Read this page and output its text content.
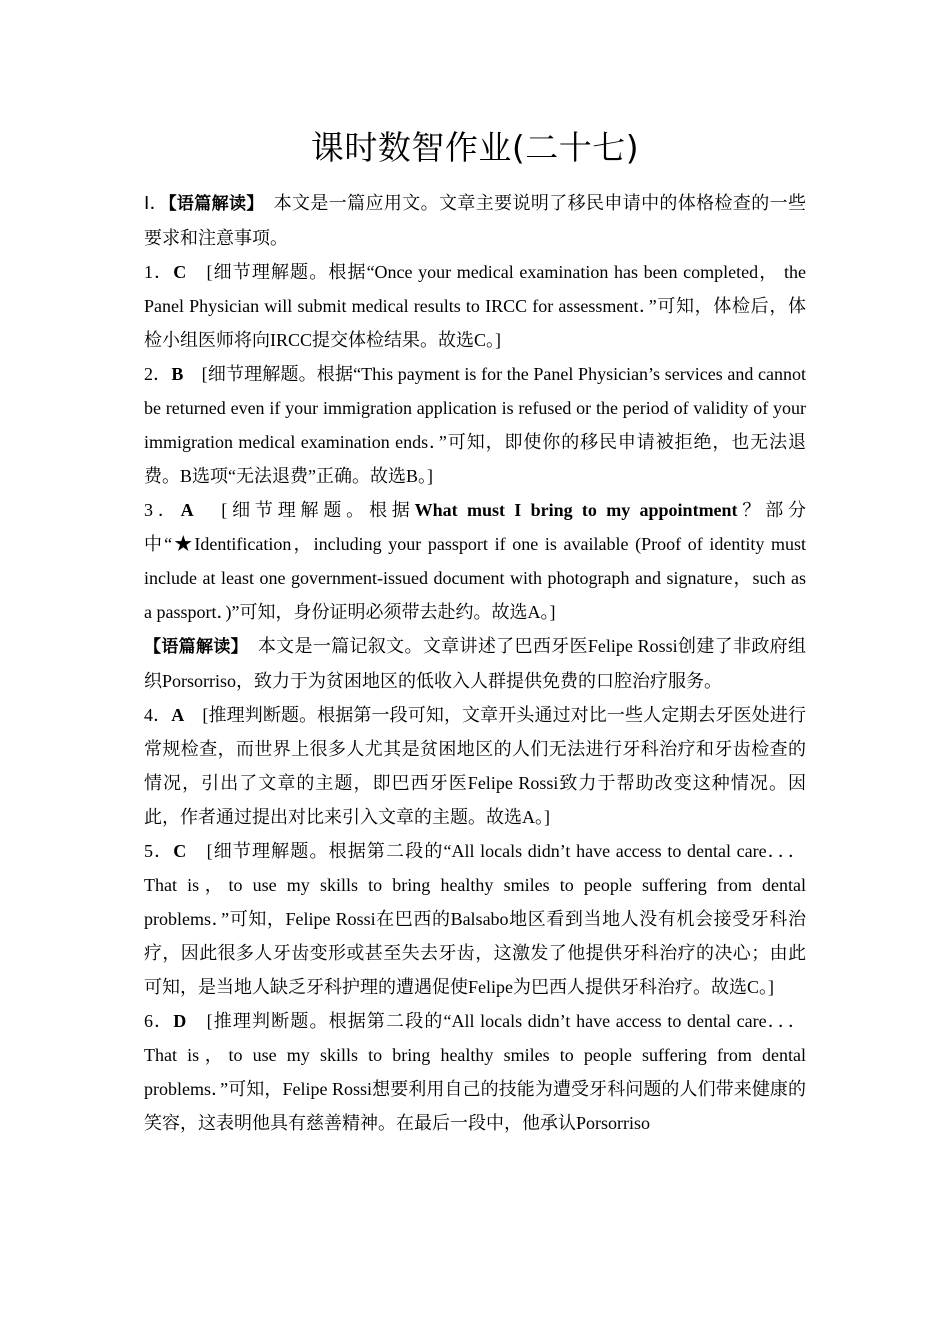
课时数智作业(二十七)

Ⅰ．【语篇解读】　本文是一篇应用文。文章主要说明了移民申请中的体格检查的一些要求和注意事项。

1．C　[细节理解题。根据“Once your medical examination has been completed， the Panel Physician will submit medical results to IRCC for assessment．”可知，体检后，体检小组医师将向IRCC提交体检结果。故选C。]

2．B　[细节理解题。根据“This payment is for the Panel Physician’s services and cannot be returned even if your immigration application is refused or the period of validity of your immigration medical examination ends．”可知，即使你的移民申请被拒绝，也无法退费。B选项“无法退费”正确。故选B。]

3．A　[细节理解题。根据What must I bring to my appointment？部分中“★Identification，including your passport if one is available (Proof of identity must include at least one government-issued document with photograph and signature，such as a passport．)”可知，身份证明必须带去赴约。故选A。]

【语篇解读】　本文是一篇记叙文。文章讲述了巴西牙医Felipe Rossi创建了非政府组织Porsorriso，致力于为贫困地区的低收入人群提供免费的口腔治疗服务。

4．A　[推理判断题。根据第一段可知，文章开头通过对比一些人定期去牙医处进行常规检查，而世界上很多人尤其是贫困地区的人们无法进行牙科治疗和牙齿检查的情况，引出了文章的主题，即巴西牙医Felipe Rossi致力于帮助改变这种情况。因此，作者通过提出对比来引入文章的主题。故选A。]

5．C　[细节理解题。根据第二段的“All locals didn’t have access to dental care．．．That is，to use my skills to bring healthy smiles to people suffering from dental problems．”可知，Felipe Rossi在巴西的Balsabo地区看到当地人没有机会接受牙科治疗，因此很多人牙齿变形或甚至失去牙齿，这激发了他提供牙科治疗的决心；由此可知，是当地人缺乏牙科护理的遭遇促使Felipe为巴西人提供牙科治疗。故选C。]

6．D　[推理判断题。根据第二段的“All locals didn’t have access to dental care．．．That is，to use my skills to bring healthy smiles to people suffering from dental problems．”可知，Felipe Rossi想要利用自己的技能为遭受牙科问题的人们带来健康的笑容，这表明他具有慈善精神。在最后一段中，他承认Porsorriso
